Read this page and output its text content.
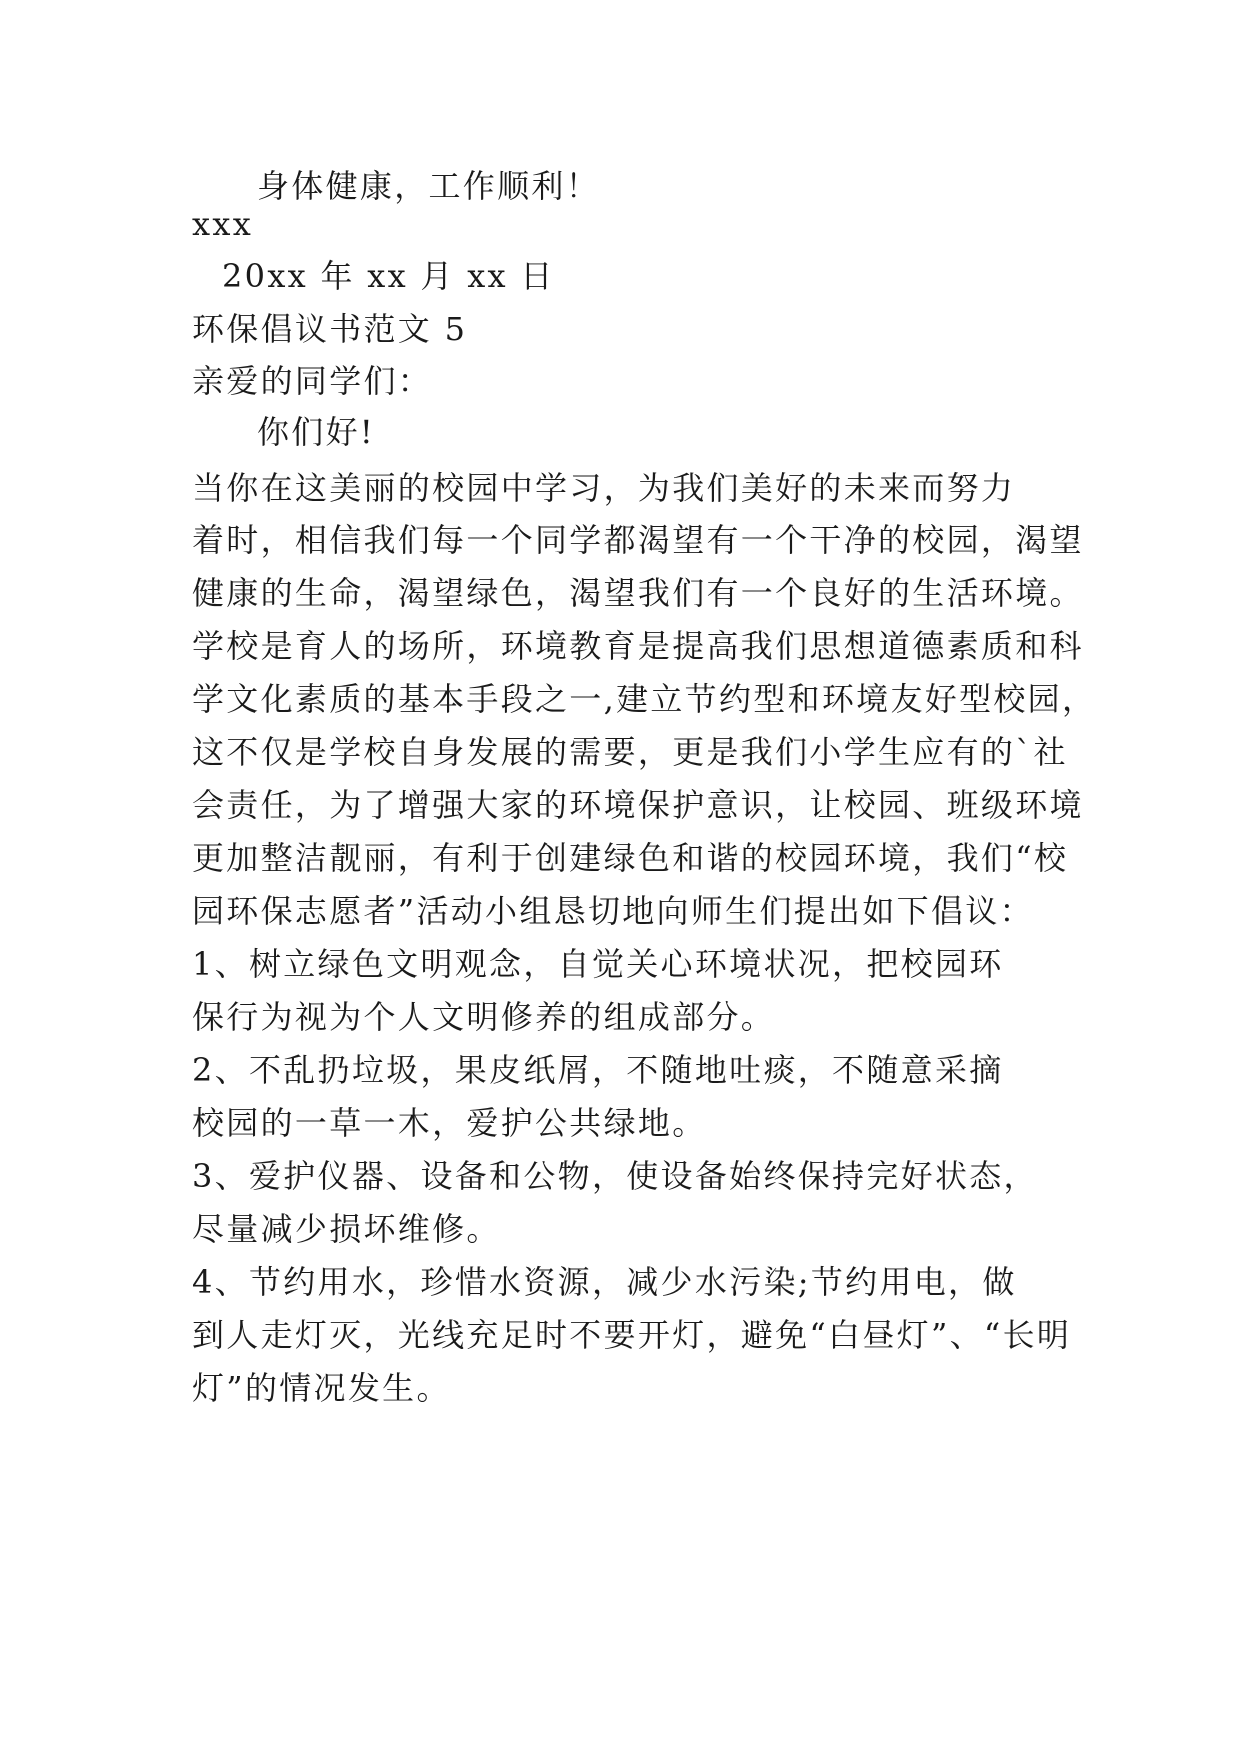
身体健康，工作顺利！
xxx
20xx 年 xx 月 xx 日
环保倡议书范文 5
亲爱的同学们：
你们好!
当你在这美丽的校园中学习，为我们美好的未来而努力
着时，相信我们每一个同学都渴望有一个干净的校园，渴望
健康的生命，渴望绿色，渴望我们有一个良好的生活环境。
学校是育人的场所，环境教育是提高我们思想道德素质和科
学文化素质的基本手段之一,建立节约型和环境友好型校园，
这不仅是学校自身发展的需要，更是我们小学生应有的`社
会责任，为了增强大家的环境保护意识，让校园、班级环境
更加整洁靓丽，有利于创建绿色和谐的校园环境，我们“校
园环保志愿者”活动小组恳切地向师生们提出如下倡议：
1、树立绿色文明观念，自觉关心环境状况，把校园环
保行为视为个人文明修养的组成部分。
2、不乱扔垃圾，果皮纸屑，不随地吐痰，不随意采摘
校园的一草一木，爱护公共绿地。
3、爱护仪器、设备和公物，使设备始终保持完好状态，
尽量减少损坏维修。
4、节约用水，珍惜水资源，减少水污染;节约用电，做
到人走灯灭，光线充足时不要开灯，避免“白昼灯”、“长明
灯”的情况发生。
